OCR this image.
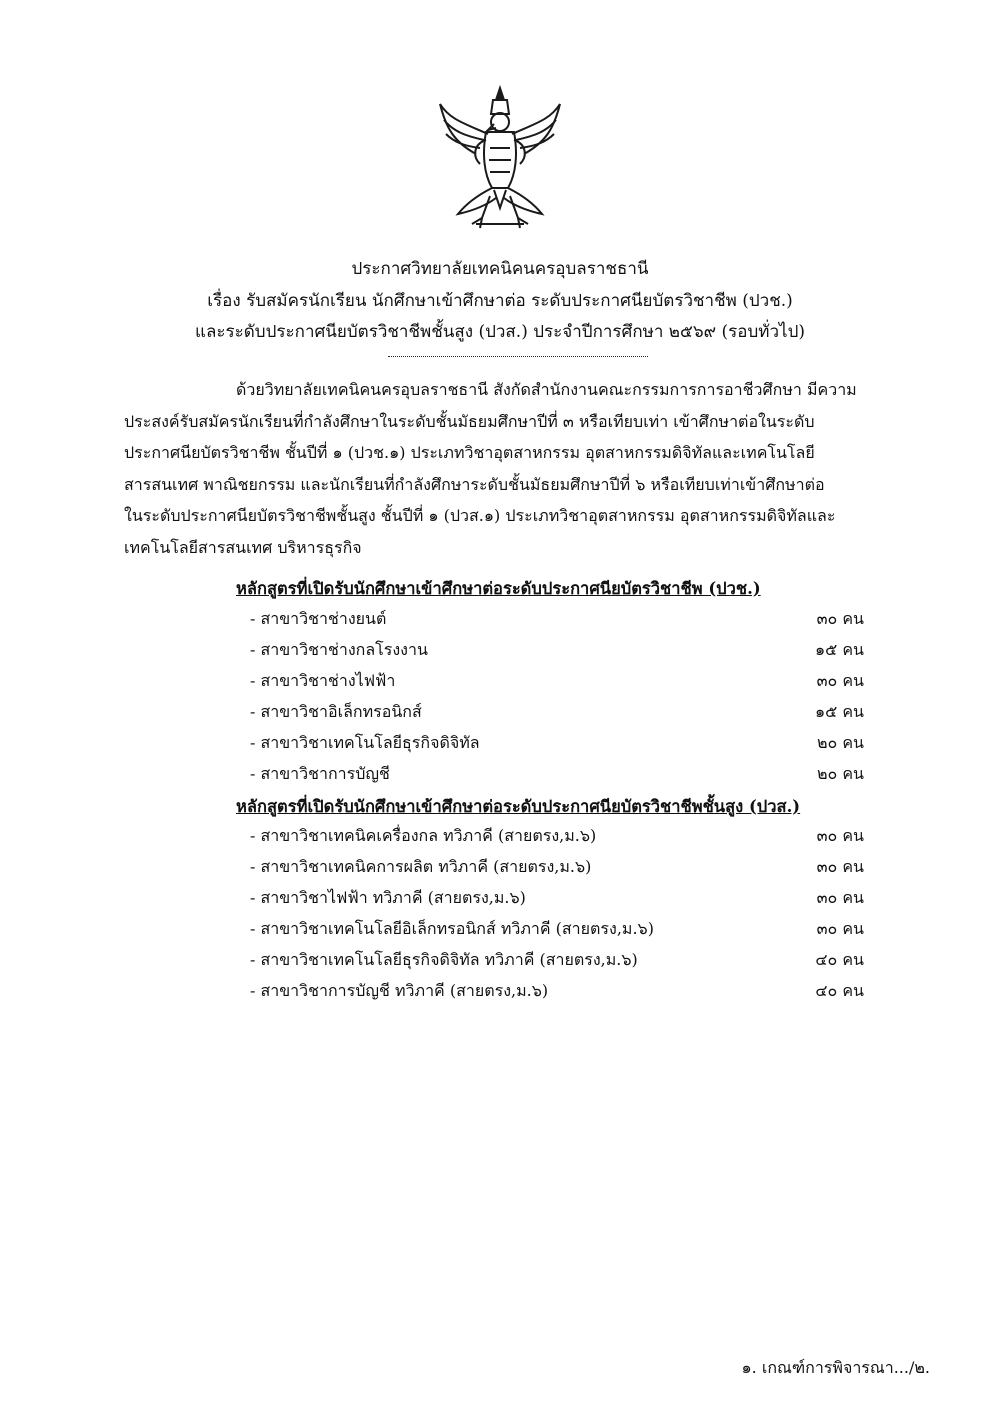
ประกาศวิทยาลัยเทคนิคนครอุบลราชธานี
เรื่อง รับสมัครนักเรียน นักศึกษาเข้าศึกษาต่อ ระดับประกาศนียบัตรวิชาชีพ (ปวช.)
และระดับประกาศนียบัตรวิชาชีพชั้นสูง (ปวส.) ประจำปีการศึกษา ๒๕๖๙ (รอบทั่วไป)
ด้วยวิทยาลัยเทคนิคนครอุบลราชธานี สังกัดสำนักงานคณะกรรมการการอาชีวศึกษา มีความ
ประสงค์รับสมัครนักเรียนที่กำลังศึกษาในระดับชั้นมัธยมศึกษาปีที่ ๓ หรือเทียบเท่า เข้าศึกษาต่อในระดับ
ประกาศนียบัตรวิชาชีพ ชั้นปีที่ ๑ (ปวช.๑) ประเภทวิชาอุตสาหกรรม อุตสาหกรรมดิจิทัลและเทคโนโลยี
สารสนเทศ พาณิชยกรรม และนักเรียนที่กำลังศึกษาระดับชั้นมัธยมศึกษาปีที่ ๖ หรือเทียบเท่าเข้าศึกษาต่อ
ในระดับประกาศนียบัตรวิชาชีพชั้นสูง ชั้นปีที่ ๑ (ปวส.๑) ประเภทวิชาอุตสาหกรรม อุตสาหกรรมดิจิทัลและ
เทคโนโลยีสารสนเทศ บริหารธุรกิจ
หลักสูตรที่เปิดรับนักศึกษาเข้าศึกษาต่อระดับประกาศนียบัตรวิชาชีพ (ปวช.)
- สาขาวิชาช่างยนต์	๓๐ คน
- สาขาวิชาช่างกลโรงงาน	๑๕ คน
- สาขาวิชาช่างไฟฟ้า	๓๐ คน
- สาขาวิชาอิเล็กทรอนิกส์	๑๕ คน
- สาขาวิชาเทคโนโลยีธุรกิจดิจิทัล	๒๐ คน
- สาขาวิชาการบัญชี	๒๐ คน
หลักสูตรที่เปิดรับนักศึกษาเข้าศึกษาต่อระดับประกาศนียบัตรวิชาชีพชั้นสูง (ปวส.)
- สาขาวิชาเทคนิคเครื่องกล ทวิภาคี (สายตรง,ม.๖)	๓๐ คน
- สาขาวิชาเทคนิคการผลิต ทวิภาคี (สายตรง,ม.๖)	๓๐ คน
- สาขาวิชาไฟฟ้า ทวิภาคี (สายตรง,ม.๖)	๓๐ คน
- สาขาวิชาเทคโนโลยีอิเล็กทรอนิกส์ ทวิภาคี (สายตรง,ม.๖)	๓๐ คน
- สาขาวิชาเทคโนโลยีธุรกิจดิจิทัล ทวิภาคี (สายตรง,ม.๖)	๔๐ คน
- สาขาวิชาการบัญชี ทวิภาคี (สายตรง,ม.๖)	๔๐ คน
๑. เกณฑ์การพิจารณา.../๒.
